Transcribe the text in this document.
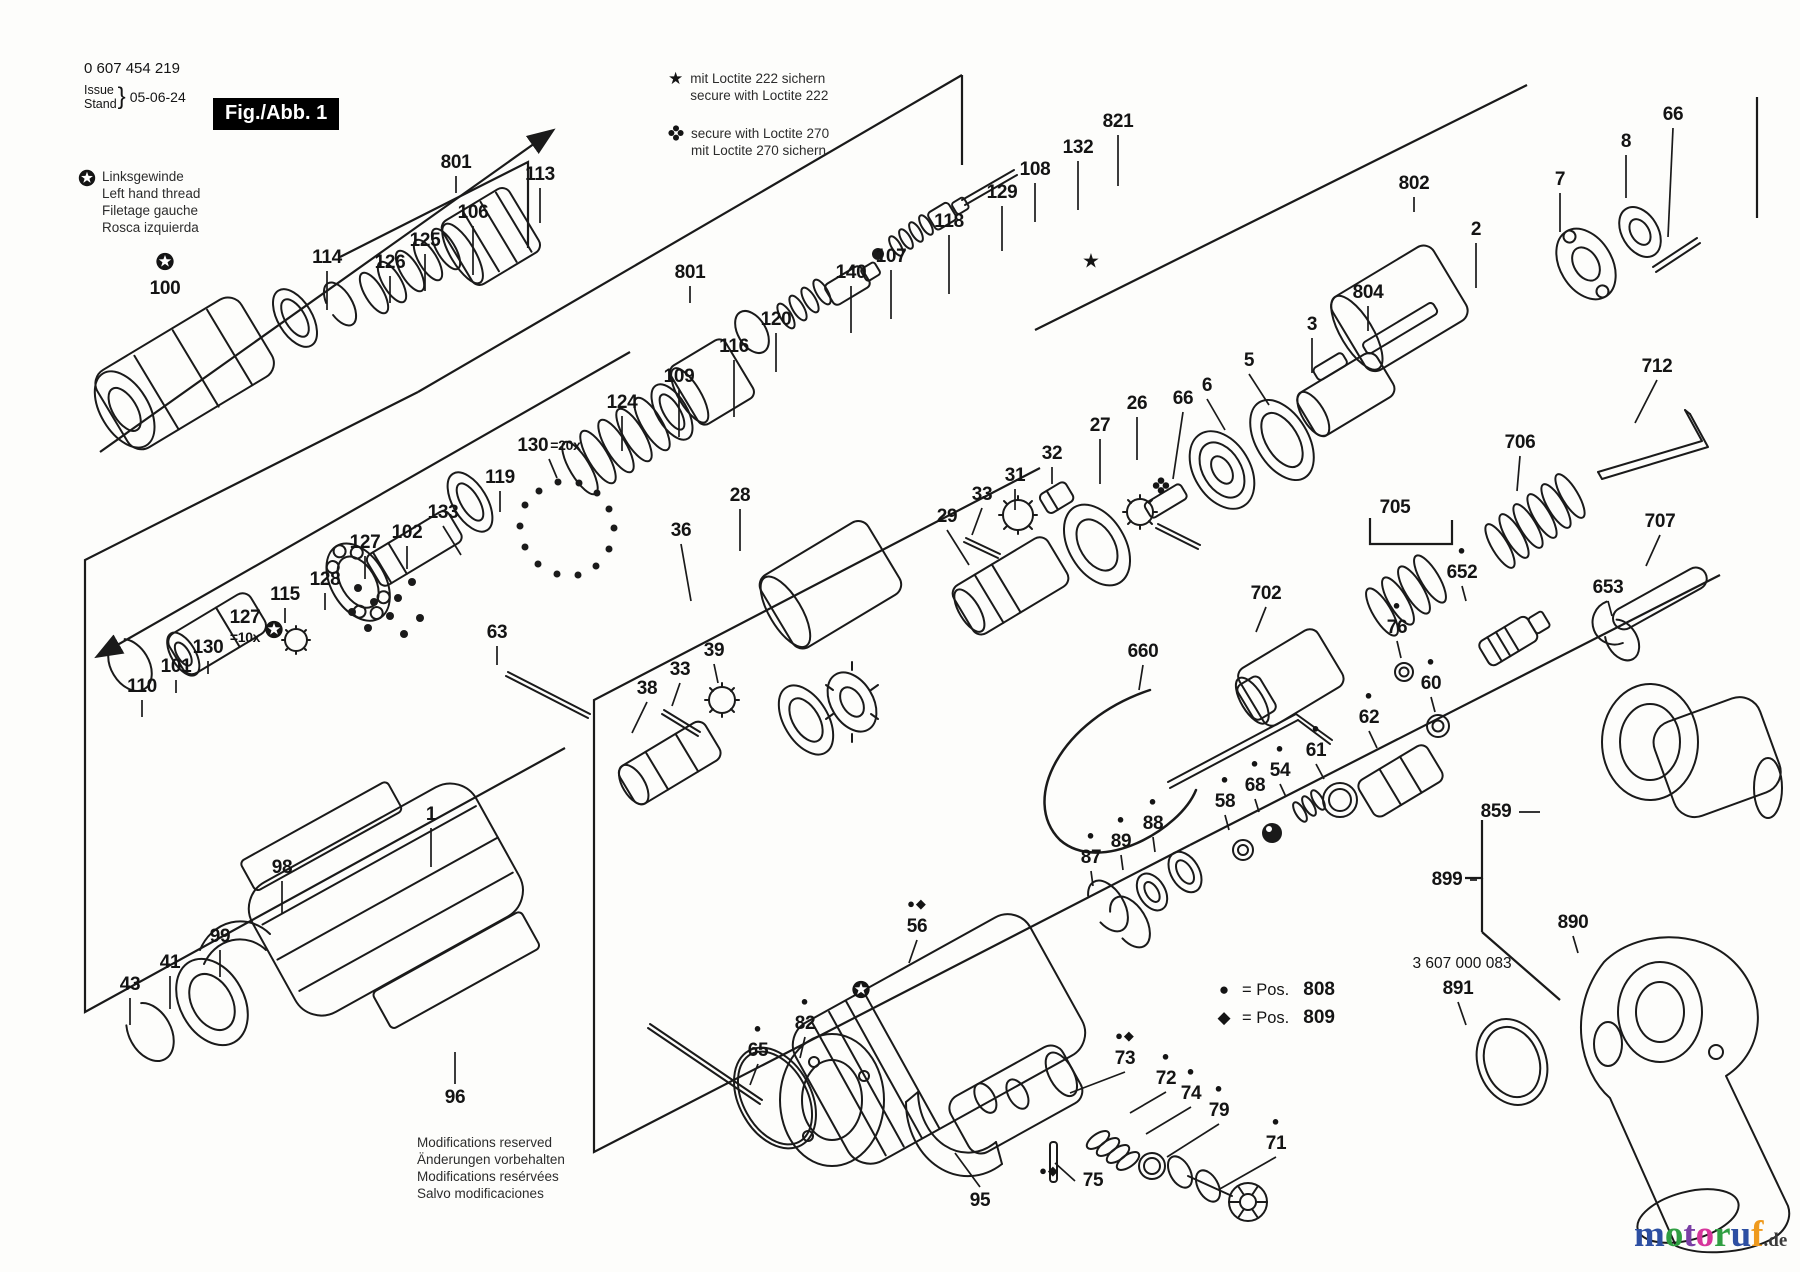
0 607 454 219
Issue
Stand } 05-06-24
Fig./Abb. 1
Linksgewinde
Left hand thread
Filetage gauche
Rosca izquierda
★ mit Loctite 222 sichern
secure with Loctite 222
secure with Loctite 270
mit Loctite 270 sichern
Modifications reserved
Änderungen vorbehalten
Modifications resérvées
Salvo modificaciones
● = Pos. 808
◆ = Pos. 809
100
114 126
125
106
801
113
124
109
116
120
801	140
107
118
129
108
132
821
130 =20x
119
133
102
127
128
115
127
=10x
130
101
110
63
38
33
39
36
28
29
33
31
32
27
26 66
6
5
3
804
802
2
7
8
66
712
706
707
705
702
660
76
●
60
●
62
●
61
●
54
●
68
●
58
●
88
●
89
●
87
●
652
●
653
859
899
890
3 607 000 083
891
56
●◆
82
●
65
●
95
75
●◆
73
●◆
72
●
74
●
79
●
71
●
1
98
99
41
43
96
★
motoruf.de
